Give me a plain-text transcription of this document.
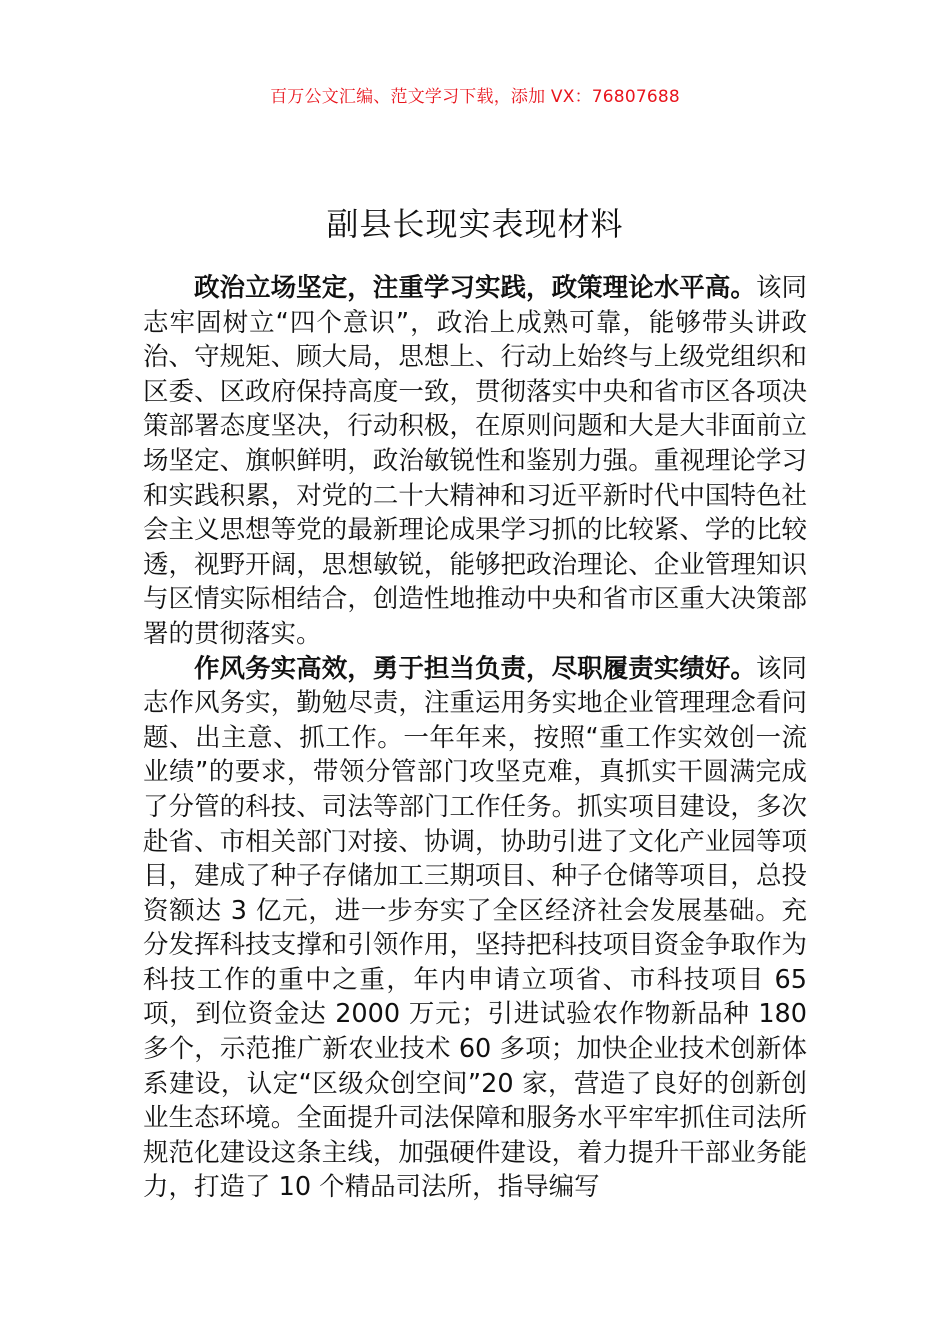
百万公文汇编、范文学习下载，添加 VX：76807688
副县长现实表现材料

政治立场坚定，注重学习实践，政策理论水平高。该同志牢固树立“四个意识”，政治上成熟可靠，能够带头讲政治、守规矩、顾大局，思想上、行动上始终与上级党组织和区委、区政府保持高度一致，贯彻落实中央和省市区各项决策部署态度坚决，行动积极，在原则问题和大是大非面前立场坚定、旗帜鲜明，政治敏锐性和鉴别力强。重视理论学习和实践积累，对党的二十大精神和习近平新时代中国特色社会主义思想等党的最新理论成果学习抓的比较紧、学的比较透，视野开阔，思想敏锐，能够把政治理论、企业管理知识与区情实际相结合，创造性地推动中央和省市区重大决策部署的贯彻落实。

作风务实高效，勇于担当负责，尽职履责实绩好。该同志作风务实，勤勉尽责，注重运用务实地企业管理理念看问题、出主意、抓工作。一年年来，按照“重工作实效创一流业绩”的要求，带领分管部门攻坚克难，真抓实干圆满完成了分管的科技、司法等部门工作任务。抓实项目建设，多次赴省、市相关部门对接、协调，协助引进了文化产业园等项目，建成了种子存储加工三期项目、种子仓储等项目，总投资额达 3 亿元，进一步夯实了全区经济社会发展基础。充分发挥科技支撑和引领作用，坚持把科技项目资金争取作为科技工作的重中之重，年内申请立项省、市科技项目 65 项，到位资金达 2000 万元；引进试验农作物新品种 180 多个，示范推广新农业技术 60 多项；加快企业技术创新体系建设，认定“区级众创空间”20 家，营造了良好的创新创业生态环境。全面提升司法保障和服务水平牢牢抓住司法所规范化建设这条主线，加强硬件建设，着力提升干部业务能力，打造了 10 个精品司法所，指导编写
